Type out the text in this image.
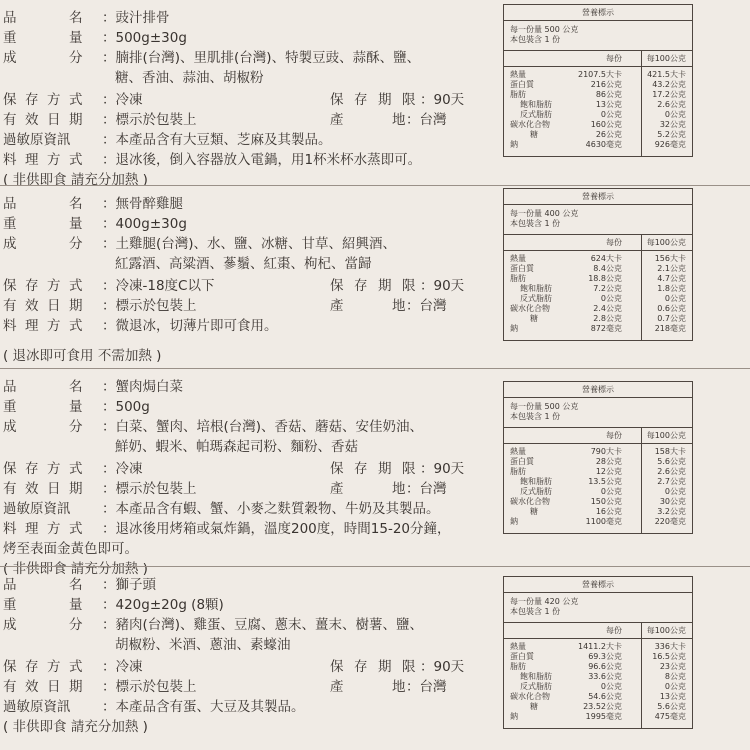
品	名 ：豉汁排骨
重	量 ：500g±30g
成	分 ：腩排(台灣)、里肌排(台灣)、特製豆豉、蒜酥、鹽、
糖、香油、蒜油、胡椒粉
保 存 方 式 ：冷凍	保 存 期 限 ：90天
有 效 日 期 ：標示於包裝上	產	地 ：台灣
過敏原資訊	：本產品含有大豆類、芝麻及其製品。
料 理 方 式 ：退冰後，倒入容器放入電鍋，用1杯米杯水蒸即可。
( 非供即食 請充分加熱 )
營養標示
每一份量 500 公克
本包裝含 1 份
每份	每100公克
熱量	2107.5大卡	421.5大卡
蛋白質	216公克	43.2公克
脂肪	86公克	17.2公克
飽和脂肪	13公克	2.6公克
反式脂肪	0公克	0公克
碳水化合物	160公克	32公克
糖	26公克	5.2公克
鈉	4630毫克	926毫克
品	名 ：無骨醉雞腿
重	量 ：400g±30g
成	分 ：土雞腿(台灣)、水、鹽、冰糖、甘草、紹興酒、
紅露酒、高粱酒、蔘鬚、紅棗、枸杞、當歸
保 存 方 式 ：冷凍-18度C以下	保 存 期 限 ：90天
有 效 日 期 ：標示於包裝上	產	地 ：台灣
料 理 方 式 ：微退冰，切薄片即可食用。
( 退冰即可食用 不需加熱 )
營養標示
每一份量 400 公克
本包裝含 1 份
每份	每100公克
熱量	624大卡	156大卡
蛋白質	8.4公克	2.1公克
脂肪	18.8公克	4.7公克
飽和脂肪	7.2公克	1.8公克
反式脂肪	0公克	0公克
碳水化合物	2.4公克	0.6公克
糖	2.8公克	0.7公克
鈉	872毫克	218毫克
品	名 ：蟹肉焗白菜
重	量 ：500g
成	分 ：白菜、蟹肉、培根(台灣)、香菇、蘑菇、安佳奶油、
鮮奶、蝦米、帕瑪森起司粉、麵粉、香菇
保 存 方 式 ：冷凍	保 存 期 限 ：90天
有 效 日 期 ：標示於包裝上	產	地 ：台灣
過敏原資訊	：本產品含有蝦、蟹、小麥之麩質穀物、牛奶及其製品。
料 理 方 式 ：退冰後用烤箱或氣炸鍋，溫度200度，時間15-20分鐘，
烤至表面金黃色即可。
( 非供即食 請充分加熱 )
營養標示
每一份量 500 公克
本包裝含 1 份
每份	每100公克
熱量	790大卡	158大卡
蛋白質	28公克	5.6公克
脂肪	12公克	2.6公克
飽和脂肪	13.5公克	2.7公克
反式脂肪	0公克	0公克
碳水化合物	150公克	30公克
糖	16公克	3.2公克
鈉	1100毫克	220毫克
品	名 ：獅子頭
重	量 ：420g±20g (8顆)
成	分 ：豬肉(台灣)、雞蛋、豆腐、蔥末、薑末、樹薯、鹽、
胡椒粉、米酒、蔥油、素蠔油
保 存 方 式 ：冷凍	保 存 期 限 ：90天
有 效 日 期 ：標示於包裝上	產	地 ：台灣
過敏原資訊	：本產品含有蛋、大豆及其製品。
( 非供即食 請充分加熱 )
營養標示
每一份量 420 公克
本包裝含 1 份
每份	每100公克
熱量	1411.2大卡	336大卡
蛋白質	69.3公克	16.5公克
脂肪	96.6公克	23公克
飽和脂肪	33.6公克	8公克
反式脂肪	0公克	0公克
碳水化合物	54.6公克	13公克
糖	23.52公克	5.6公克
鈉	1995毫克	475毫克
